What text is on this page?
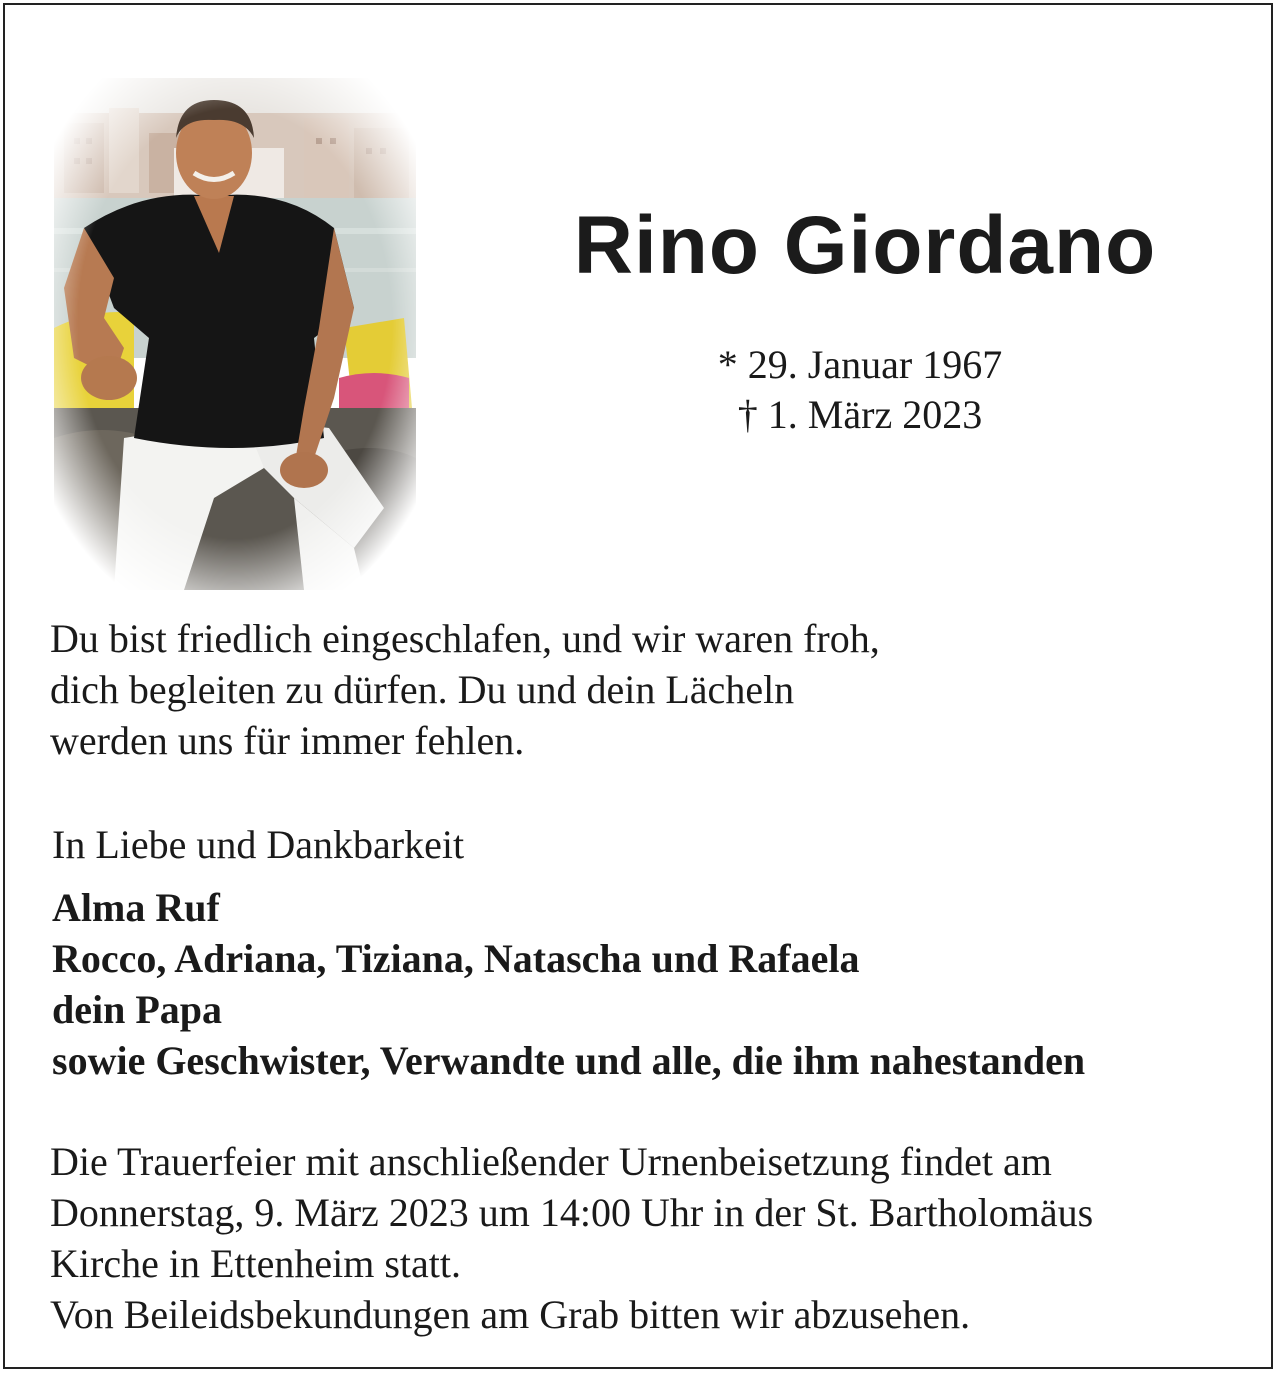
Rino Giordano
* 29. Januar 1967
† 1. März 2023
Du bist friedlich eingeschlafen, und wir waren froh,
dich begleiten zu dürfen. Du und dein Lächeln
werden uns für immer fehlen.
In Liebe und Dankbarkeit
Alma Ruf
Rocco, Adriana, Tiziana, Natascha und Rafaela
dein Papa
sowie Geschwister, Verwandte und alle, die ihm nahestanden
Die Trauerfeier mit anschließender Urnenbeisetzung findet am
Donnerstag, 9. März 2023 um 14:00 Uhr in der St. Bartholomäus
Kirche in Ettenheim statt.
Von Beileidsbekundungen am Grab bitten wir abzusehen.
